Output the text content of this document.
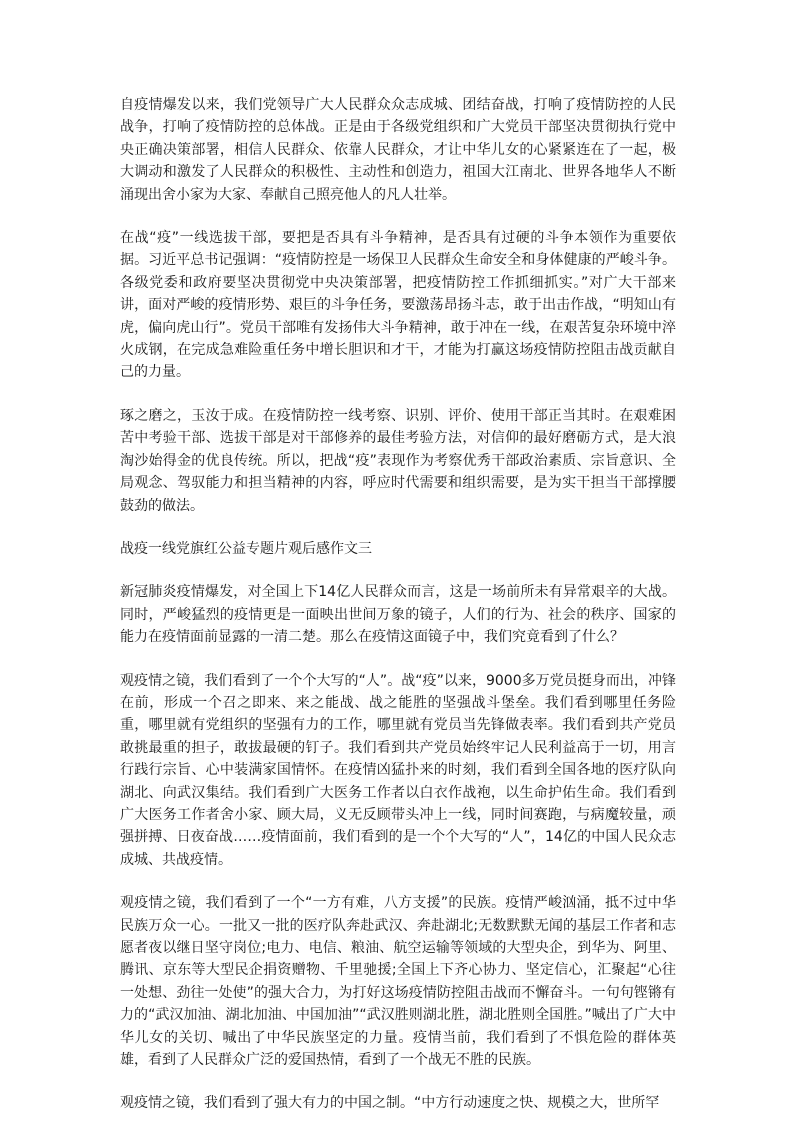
自疫情爆发以来，我们党领导广大人民群众众志成城、团结奋战，打响了疫情防控的人民战争，打响了疫情防控的总体战。正是由于各级党组织和广大党员干部坚决贯彻执行党中央正确决策部署，相信人民群众、依靠人民群众，才让中华儿女的心紧紧连在了一起，极大调动和激发了人民群众的积极性、主动性和创造力，祖国大江南北、世界各地华人不断涌现出舍小家为大家、奉献自己照亮他人的凡人壮举。

在战“疫”一线选拔干部，要把是否具有斗争精神，是否具有过硬的斗争本领作为重要依据。习近平总书记强调：“疫情防控是一场保卫人民群众生命安全和身体健康的严峻斗争。各级党委和政府要坚决贯彻党中央决策部署，把疫情防控工作抓细抓实。”对广大干部来讲，面对严峻的疫情形势、艰巨的斗争任务，要激荡昂扬斗志，敢于出击作战，“明知山有虎，偏向虎山行”。党员干部唯有发扬伟大斗争精神，敢于冲在一线，在艰苦复杂环境中淬火成钢，在完成急难险重任务中增长胆识和才干，才能为打赢这场疫情防控阻击战贡献自己的力量。

琢之磨之，玉汝于成。在疫情防控一线考察、识别、评价、使用干部正当其时。在艰难困苦中考验干部、选拔干部是对干部修养的最佳考验方法，对信仰的最好磨砺方式，是大浪淘沙始得金的优良传统。所以，把战“疫”表现作为考察优秀干部政治素质、宗旨意识、全局观念、驾驭能力和担当精神的内容，呼应时代需要和组织需要，是为实干担当干部撑腰鼓劲的做法。

战疫一线党旗红公益专题片观后感作文三

新冠肺炎疫情爆发，对全国上下14亿人民群众而言，这是一场前所未有异常艰辛的大战。同时，严峻猛烈的疫情更是一面映出世间万象的镜子，人们的行为、社会的秩序、国家的能力在疫情面前显露的一清二楚。那么在疫情这面镜子中，我们究竟看到了什么？

观疫情之镜，我们看到了一个个大写的“人”。战“疫”以来，9000多万党员挺身而出，冲锋在前，形成一个召之即来、来之能战、战之能胜的坚强战斗堡垒。我们看到哪里任务险重，哪里就有党组织的坚强有力的工作，哪里就有党员当先锋做表率。我们看到共产党员敢挑最重的担子，敢拔最硬的钉子。我们看到共产党员始终牢记人民利益高于一切，用言行践行宗旨、心中装满家国情怀。在疫情凶猛扑来的时刻，我们看到全国各地的医疗队向湖北、向武汉集结。我们看到广大医务工作者以白衣作战袍，以生命护佑生命。我们看到广大医务工作者舍小家、顾大局，义无反顾带头冲上一线，同时间赛跑，与病魔较量，顽强拼搏、日夜奋战……疫情面前，我们看到的是一个个大写的“人”，14亿的中国人民众志成城、共战疫情。

观疫情之镜，我们看到了一个“一方有难，八方支援”的民族。疫情严峻汹涌，抵不过中华民族万众一心。一批又一批的医疗队奔赴武汉、奔赴湖北;无数默默无闻的基层工作者和志愿者夜以继日坚守岗位;电力、电信、粮油、航空运输等领域的大型央企，到华为、阿里、腾讯、京东等大型民企捐资赠物、千里驰援;全国上下齐心协力、坚定信心，汇聚起“心往一处想、劲往一处使”的强大合力，为打好这场疫情防控阻击战而不懈奋斗。一句句铿锵有力的“武汉加油、湖北加油、中国加油”“武汉胜则湖北胜，湖北胜则全国胜。”喊出了广大中华儿女的关切、喊出了中华民族坚定的力量。疫情当前，我们看到了不惧危险的群体英雄，看到了人民群众广泛的爱国热情，看到了一个战无不胜的民族。

观疫情之镜，我们看到了强大有力的中国之制。“中方行动速度之快、规模之大，世所罕
